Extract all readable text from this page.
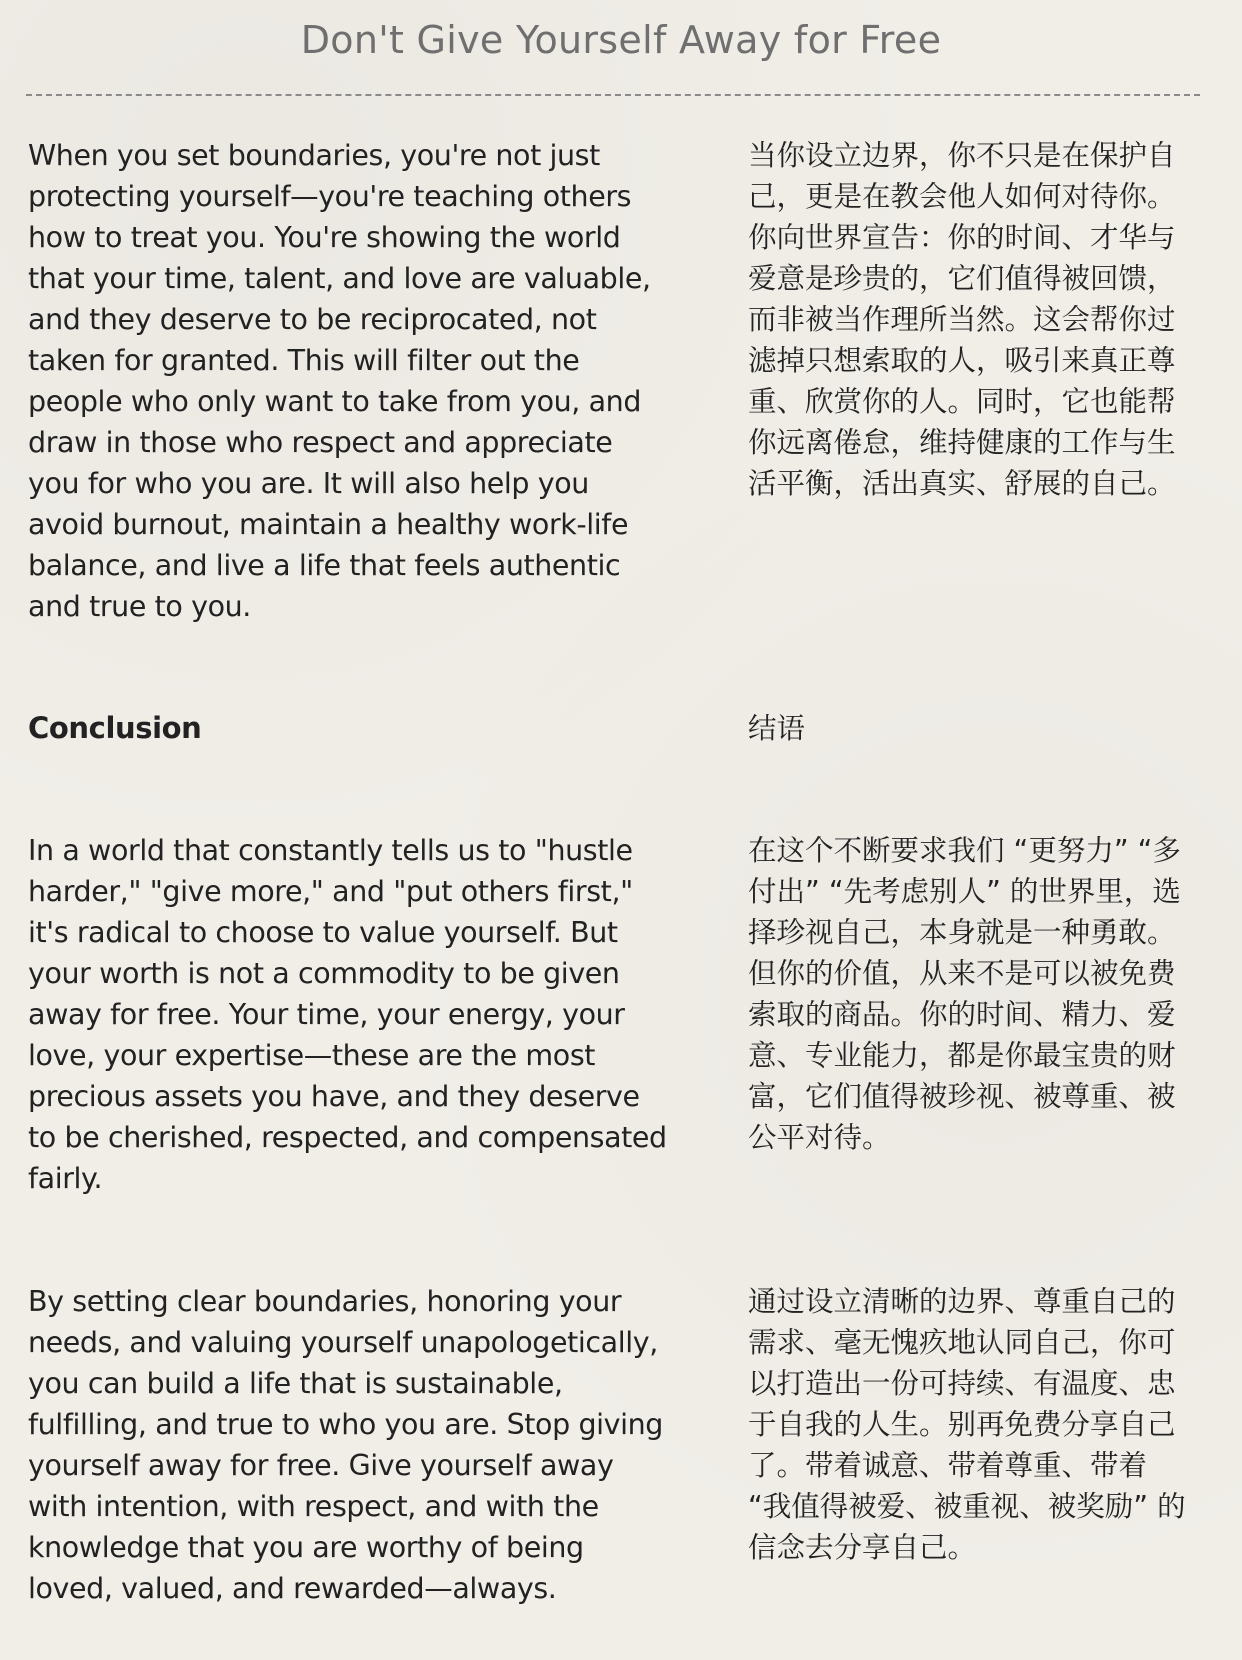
Don't Give Yourself Away for Free
When you set boundaries, you're not just protecting yourself—you're teaching others how to treat you. You're showing the world that your time, talent, and love are valuable, and they deserve to be reciprocated, not taken for granted. This will filter out the people who only want to take from you, and draw in those who respect and appreciate you for who you are. It will also help you avoid burnout, maintain a healthy work-life balance, and live a life that feels authentic and true to you.
当你设立边界，你不只是在保护自己，更是在教会他人如何对待你。你向世界宣告：你的时间、才华与爱意是珍贵的，它们值得被回馈，而非被当作理所当然。这会帮你过滤掉只想索取的人，吸引来真正尊重、欣赏你的人。同时，它也能帮你远离倦怠，维持健康的工作与生活平衡，活出真实、舒展的自己。
Conclusion	结语
In a world that constantly tells us to "hustle harder," "give more," and "put others first," it's radical to choose to value yourself. But your worth is not a commodity to be given away for free. Your time, your energy, your love, your expertise—these are the most precious assets you have, and they deserve to be cherished, respected, and compensated fairly.
在这个不断要求我们 “更努力” “多付出” “先考虑别人” 的世界里，选择珍视自己，本身就是一种勇敢。但你的价值，从来不是可以被免费索取的商品。你的时间、精力、爱意、专业能力，都是你最宝贵的财富，它们值得被珍视、被尊重、被公平对待。
By setting clear boundaries, honoring your needs, and valuing yourself unapologetically, you can build a life that is sustainable, fulfilling, and true to who you are. Stop giving yourself away for free. Give yourself away with intention, with respect, and with the knowledge that you are worthy of being loved, valued, and rewarded—always.
通过设立清晰的边界、尊重自己的需求、毫无愧疚地认同自己，你可以打造出一份可持续、有温度、忠于自我的人生。别再免费分享自己了。带着诚意、带着尊重、带着 “我值得被爱、被重视、被奖励” 的信念去分享自己。
